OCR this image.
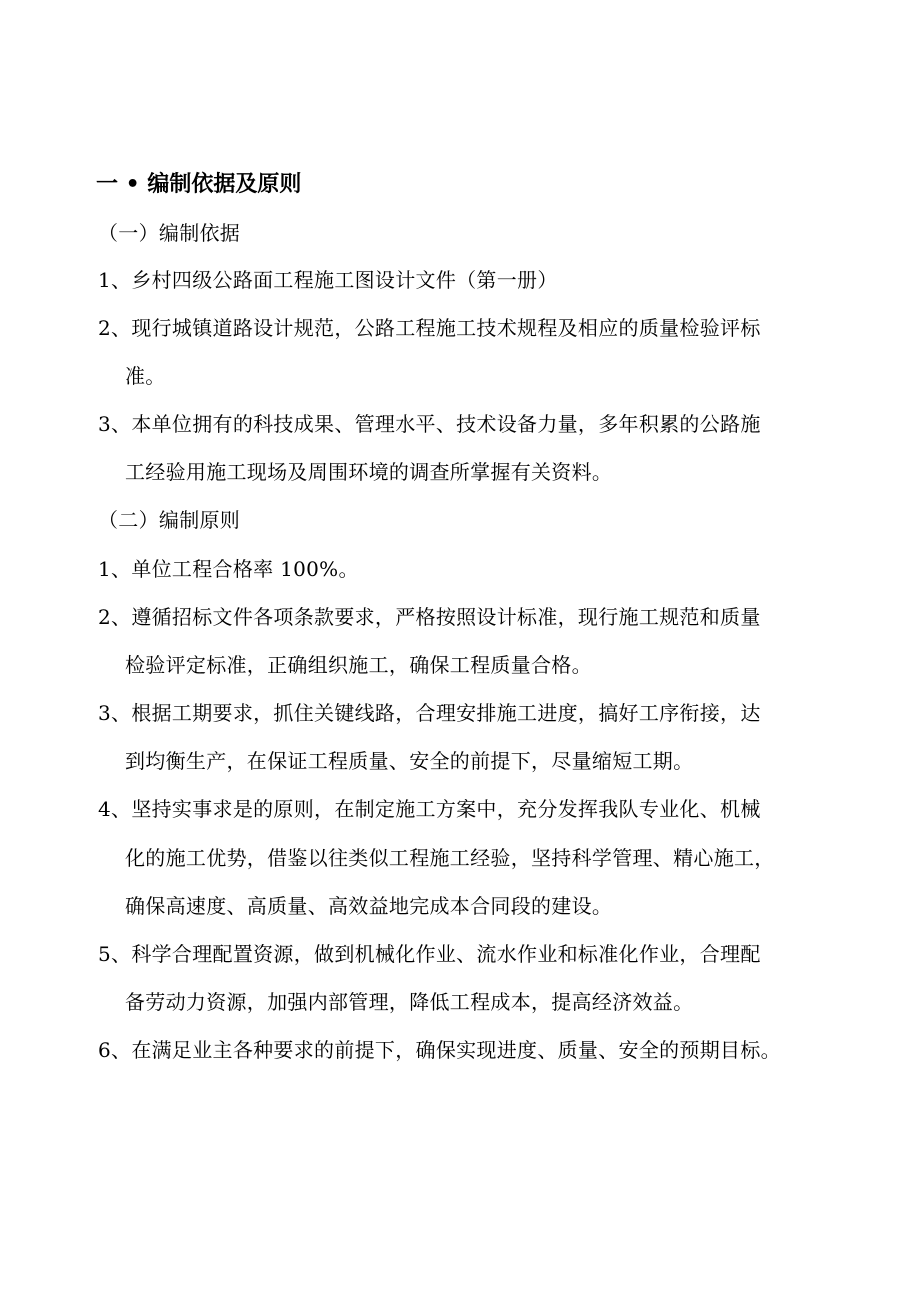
一 • 编制依据及原则
（一）编制依据
1、乡村四级公路面工程施工图设计文件（第一册）
2、现行城镇道路设计规范，公路工程施工技术规程及相应的质量检验评标
准。
3、本单位拥有的科技成果、管理水平、技术设备力量，多年积累的公路施
工经验用施工现场及周围环境的调查所掌握有关资料。
（二）编制原则
1、单位工程合格率 100%。
2、遵循招标文件各项条款要求，严格按照设计标准，现行施工规范和质量
检验评定标准，正确组织施工，确保工程质量合格。
3、根据工期要求，抓住关键线路，合理安排施工进度，搞好工序衔接，达
到均衡生产，在保证工程质量、安全的前提下，尽量缩短工期。
4、坚持实事求是的原则，在制定施工方案中，充分发挥我队专业化、机械
化的施工优势，借鉴以往类似工程施工经验，坚持科学管理、精心施工，
确保高速度、高质量、高效益地完成本合同段的建设。
5、科学合理配置资源，做到机械化作业、流水作业和标准化作业，合理配
备劳动力资源，加强内部管理，降低工程成本，提高经济效益。
6、在满足业主各种要求的前提下，确保实现进度、质量、安全的预期目标。
